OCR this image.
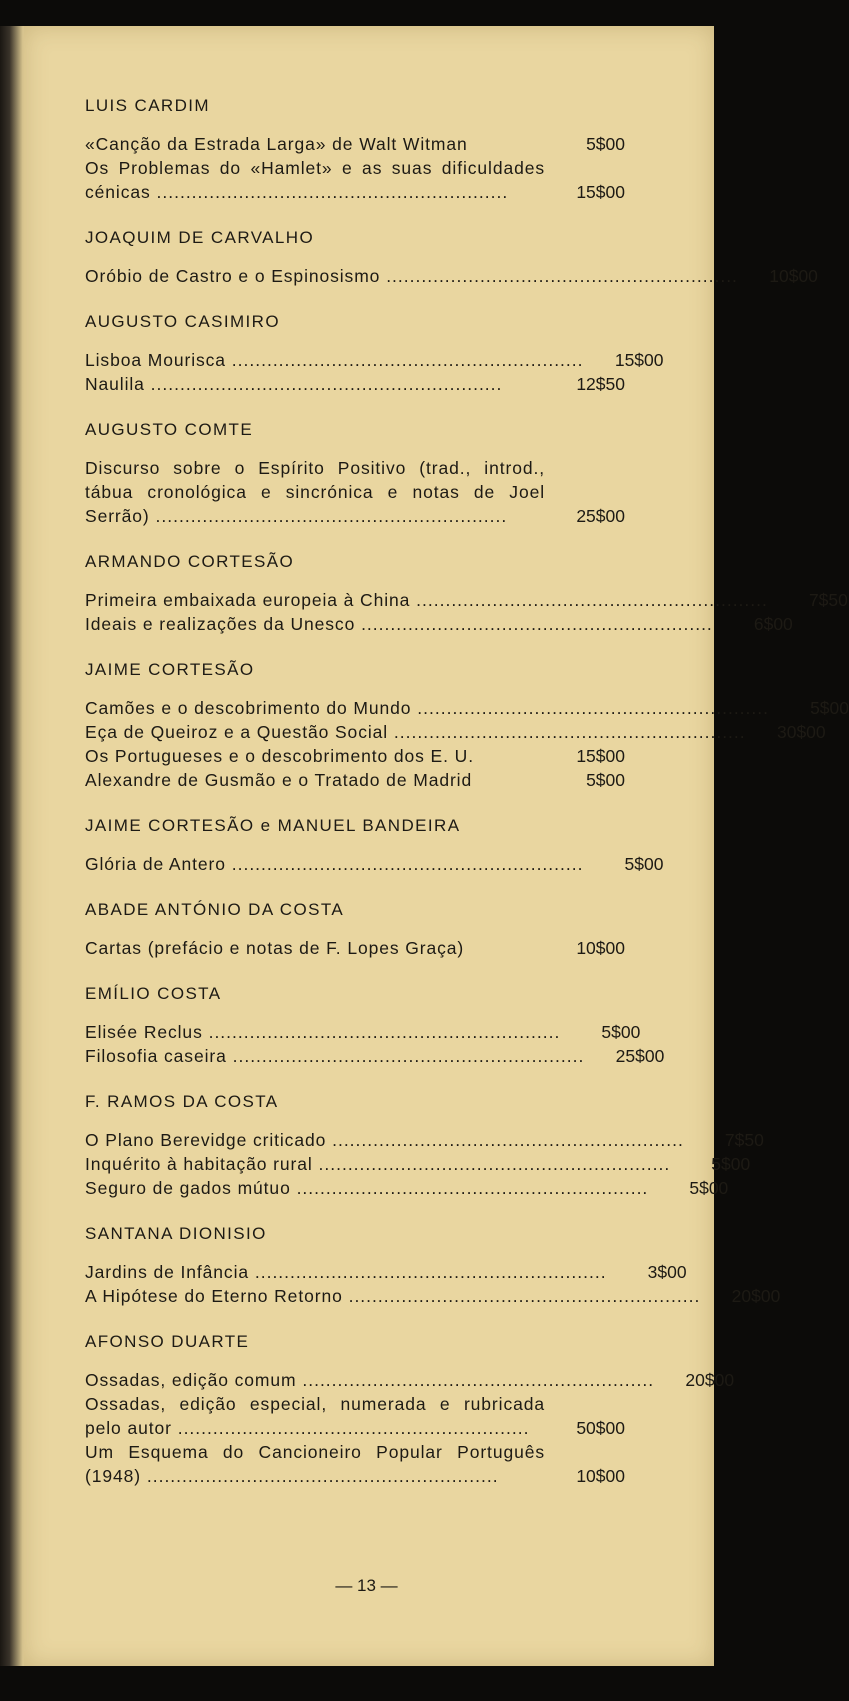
LUIS CARDIM
«Canção da Estrada Larga» de Walt Witman	5$00
Os Problemas do «Hamlet» e as suas dificuldades cénicas ............................................................	15$00
JOAQUIM DE CARVALHO
Oróbio de Castro e o Espinosismo ............................................................	10$00
AUGUSTO CASIMIRO
Lisboa Mourisca ............................................................	15$00
Naulila ............................................................	12$50
AUGUSTO COMTE
Discurso sobre o Espírito Positivo (trad., introd., tábua cronológica e sincrónica e notas de Joel Serrão) ............................................................	25$00
ARMANDO CORTESÃO
Primeira embaixada europeia à China ............................................................	7$50
Ideais e realizações da Unesco ............................................................	6$00
JAIME CORTESÃO
Camões e o descobrimento do Mundo ............................................................	5$00
Eça de Queiroz e a Questão Social ............................................................	30$00
Os Portugueses e o descobrimento dos E. U.	15$00
Alexandre de Gusmão e o Tratado de Madrid	5$00
JAIME CORTESÃO e MANUEL BANDEIRA
Glória de Antero ............................................................	5$00
ABADE ANTÓNIO DA COSTA
Cartas (prefácio e notas de F. Lopes Graça)	10$00
EMÍLIO COSTA
Elisée Reclus ............................................................	5$00
Filosofia caseira ............................................................	25$00
F. RAMOS DA COSTA
O Plano Berevidge criticado ............................................................	7$50
Inquérito à habitação rural ............................................................	5$00
Seguro de gados mútuo ............................................................	5$00
SANTANA DIONISIO
Jardins de Infância ............................................................	3$00
A Hipótese do Eterno Retorno ............................................................	20$00
AFONSO DUARTE
Ossadas, edição comum ............................................................	20$00
Ossadas, edição especial, numerada e rubricada pelo autor ............................................................	50$00
Um Esquema do Cancioneiro Popular Português (1948) ............................................................	10$00
— 13 —
